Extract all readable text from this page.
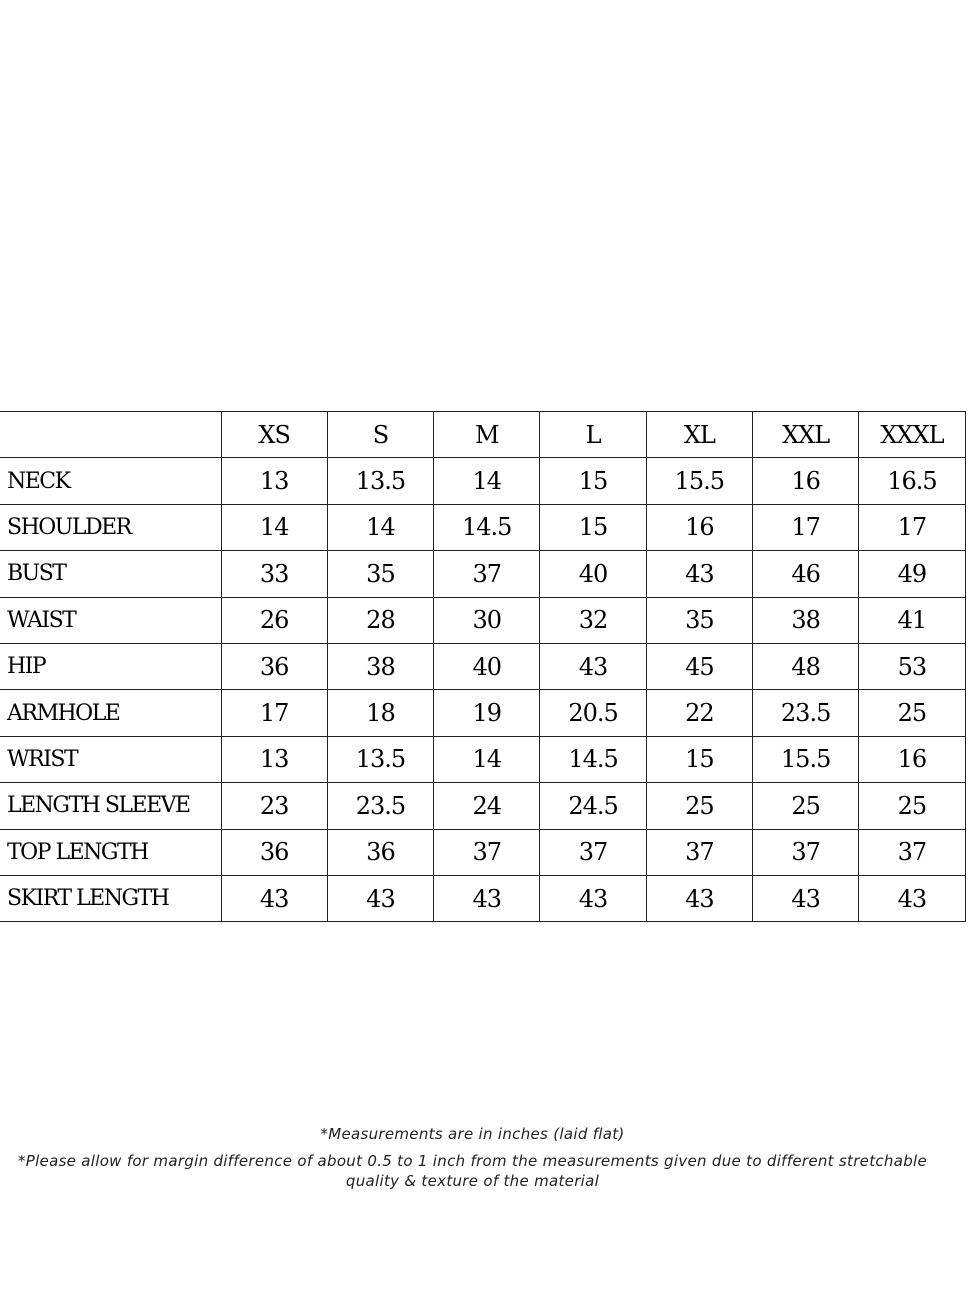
	XS	S	M	L	XL	XXL	XXXL
NECK	13	13.5	14	15	15.5	16	16.5
SHOULDER	14	14	14.5	15	16	17	17
BUST	33	35	37	40	43	46	49
WAIST	26	28	30	32	35	38	41
HIP	36	38	40	43	45	48	53
ARMHOLE	17	18	19	20.5	22	23.5	25
WRIST	13	13.5	14	14.5	15	15.5	16
LENGTH SLEEVE	23	23.5	24	24.5	25	25	25
TOP LENGTH	36	36	37	37	37	37	37
SKIRT LENGTH	43	43	43	43	43	43	43
*Measurements are in inches (laid flat)
*Please allow for margin difference of about 0.5 to 1 inch from the measurements given due to different stretchable quality & texture of the material
